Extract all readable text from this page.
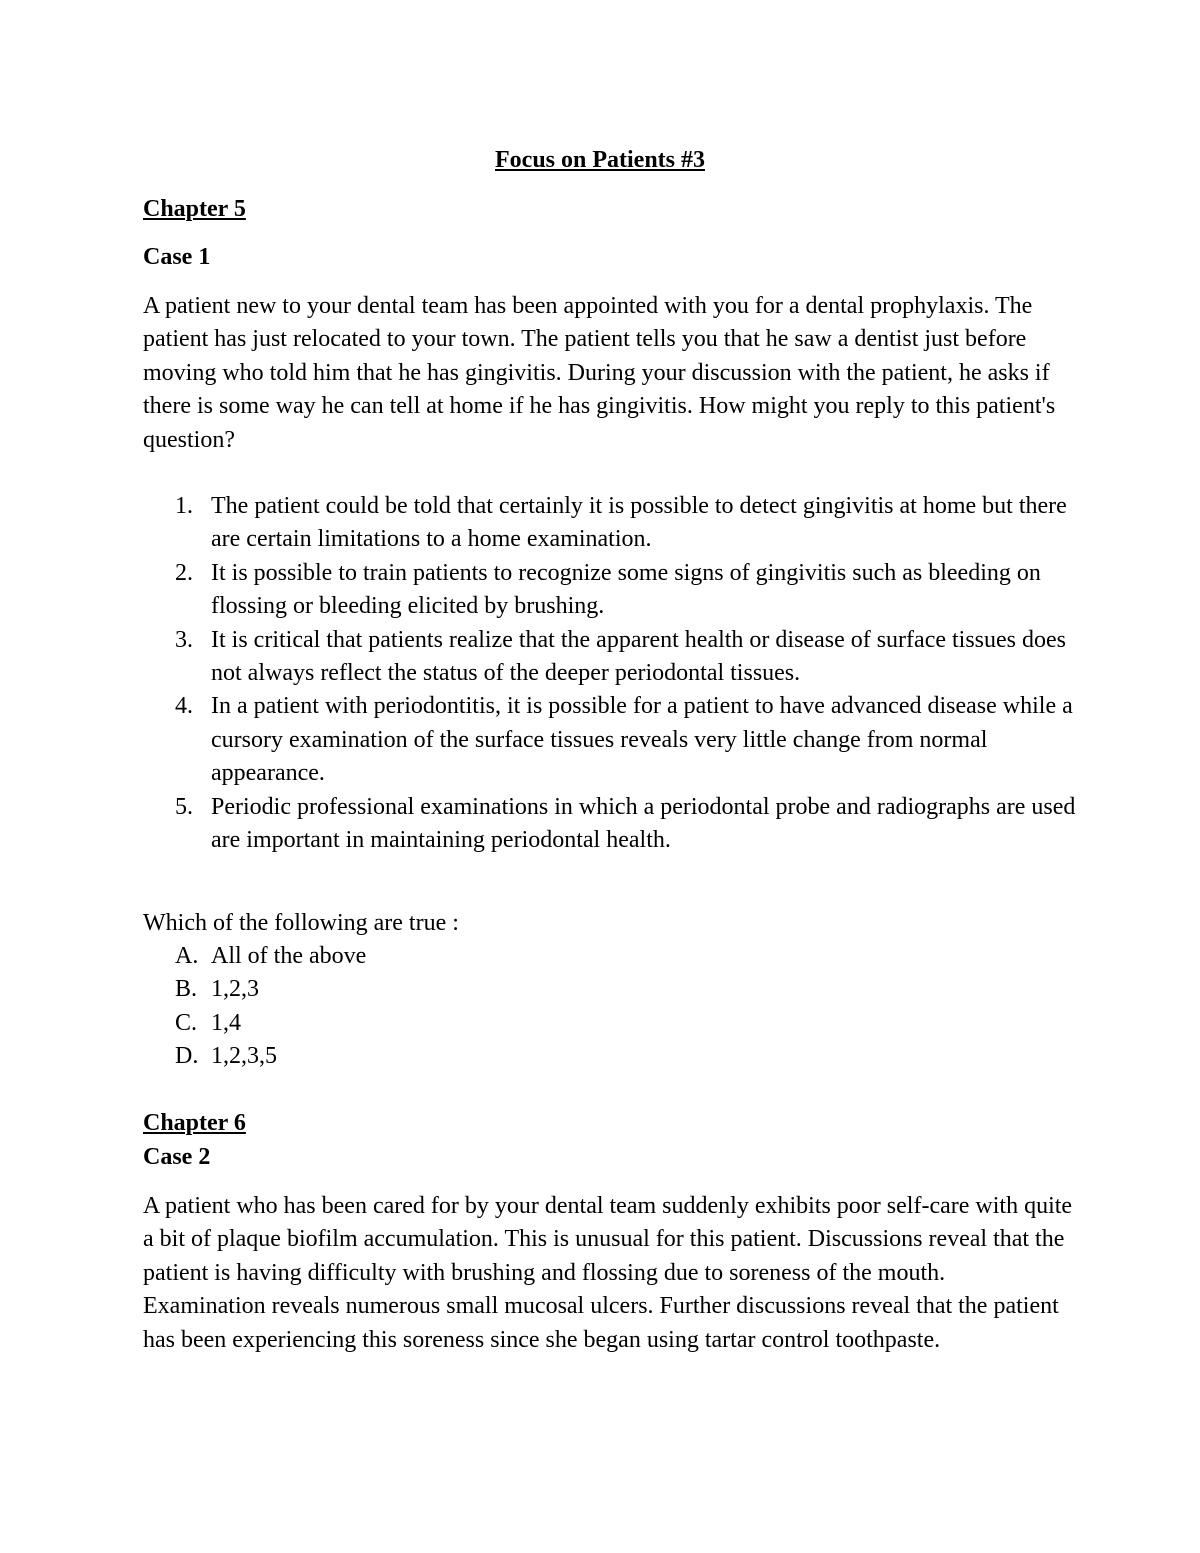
Focus on Patients #3
Chapter 5
Case 1

A patient new to your dental team has been appointed with you for a dental prophylaxis. The patient has just relocated to your town. The patient tells you that he saw a dentist just before moving who told him that he has gingivitis. During your discussion with the patient, he asks if there is some way he can tell at home if he has gingivitis. How might you reply to this patient's question?

1. The patient could be told that certainly it is possible to detect gingivitis at home but there are certain limitations to a home examination.
2. It is possible to train patients to recognize some signs of gingivitis such as bleeding on flossing or bleeding elicited by brushing.
3. It is critical that patients realize that the apparent health or disease of surface tissues does not always reflect the status of the deeper periodontal tissues.
4. In a patient with periodontitis, it is possible for a patient to have advanced disease while a cursory examination of the surface tissues reveals very little change from normal appearance.
5. Periodic professional examinations in which a periodontal probe and radiographs are used are important in maintaining periodontal health.
Which of the following are true :
A. All of the above
B. 1,2,3
C. 1,4
D. 1,2,3,5
Chapter 6
Case 2

A patient who has been cared for by your dental team suddenly exhibits poor self-care with quite a bit of plaque biofilm accumulation. This is unusual for this patient. Discussions reveal that the patient is having difficulty with brushing and flossing due to soreness of the mouth. Examination reveals numerous small mucosal ulcers. Further discussions reveal that the patient has been experiencing this soreness since she began using tartar control toothpaste.
